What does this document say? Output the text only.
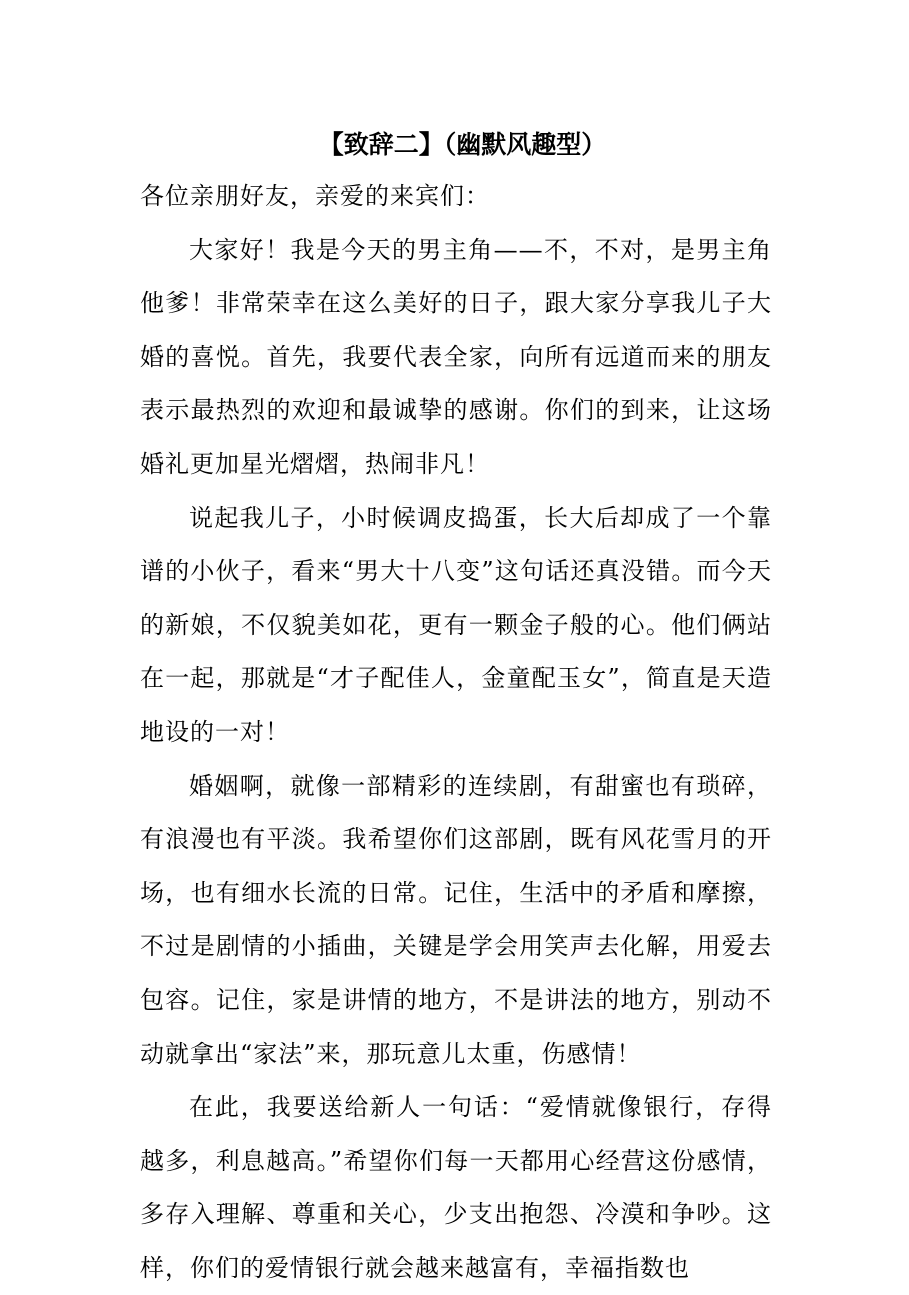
【致辞二】（幽默风趣型）

各位亲朋好友，亲爱的来宾们：

大家好！我是今天的男主角——不，不对，是男主角他爹！非常荣幸在这么美好的日子，跟大家分享我儿子大婚的喜悦。首先，我要代表全家，向所有远道而来的朋友表示最热烈的欢迎和最诚挚的感谢。你们的到来，让这场婚礼更加星光熠熠，热闹非凡！

说起我儿子，小时候调皮捣蛋，长大后却成了一个靠谱的小伙子，看来“男大十八变”这句话还真没错。而今天的新娘，不仅貌美如花，更有一颗金子般的心。他们俩站在一起，那就是“才子配佳人，金童配玉女”，简直是天造地设的一对！

婚姻啊，就像一部精彩的连续剧，有甜蜜也有琐碎，有浪漫也有平淡。我希望你们这部剧，既有风花雪月的开场，也有细水长流的日常。记住，生活中的矛盾和摩擦，不过是剧情的小插曲，关键是学会用笑声去化解，用爱去包容。记住，家是讲情的地方，不是讲法的地方，别动不动就拿出“家法”来，那玩意儿太重，伤感情！

在此，我要送给新人一句话：“爱情就像银行，存得越多，利息越高。”希望你们每一天都用心经营这份感情，多存入理解、尊重和关心，少支出抱怨、冷漠和争吵。这样，你们的爱情银行就会越来越富有，幸福指数也
